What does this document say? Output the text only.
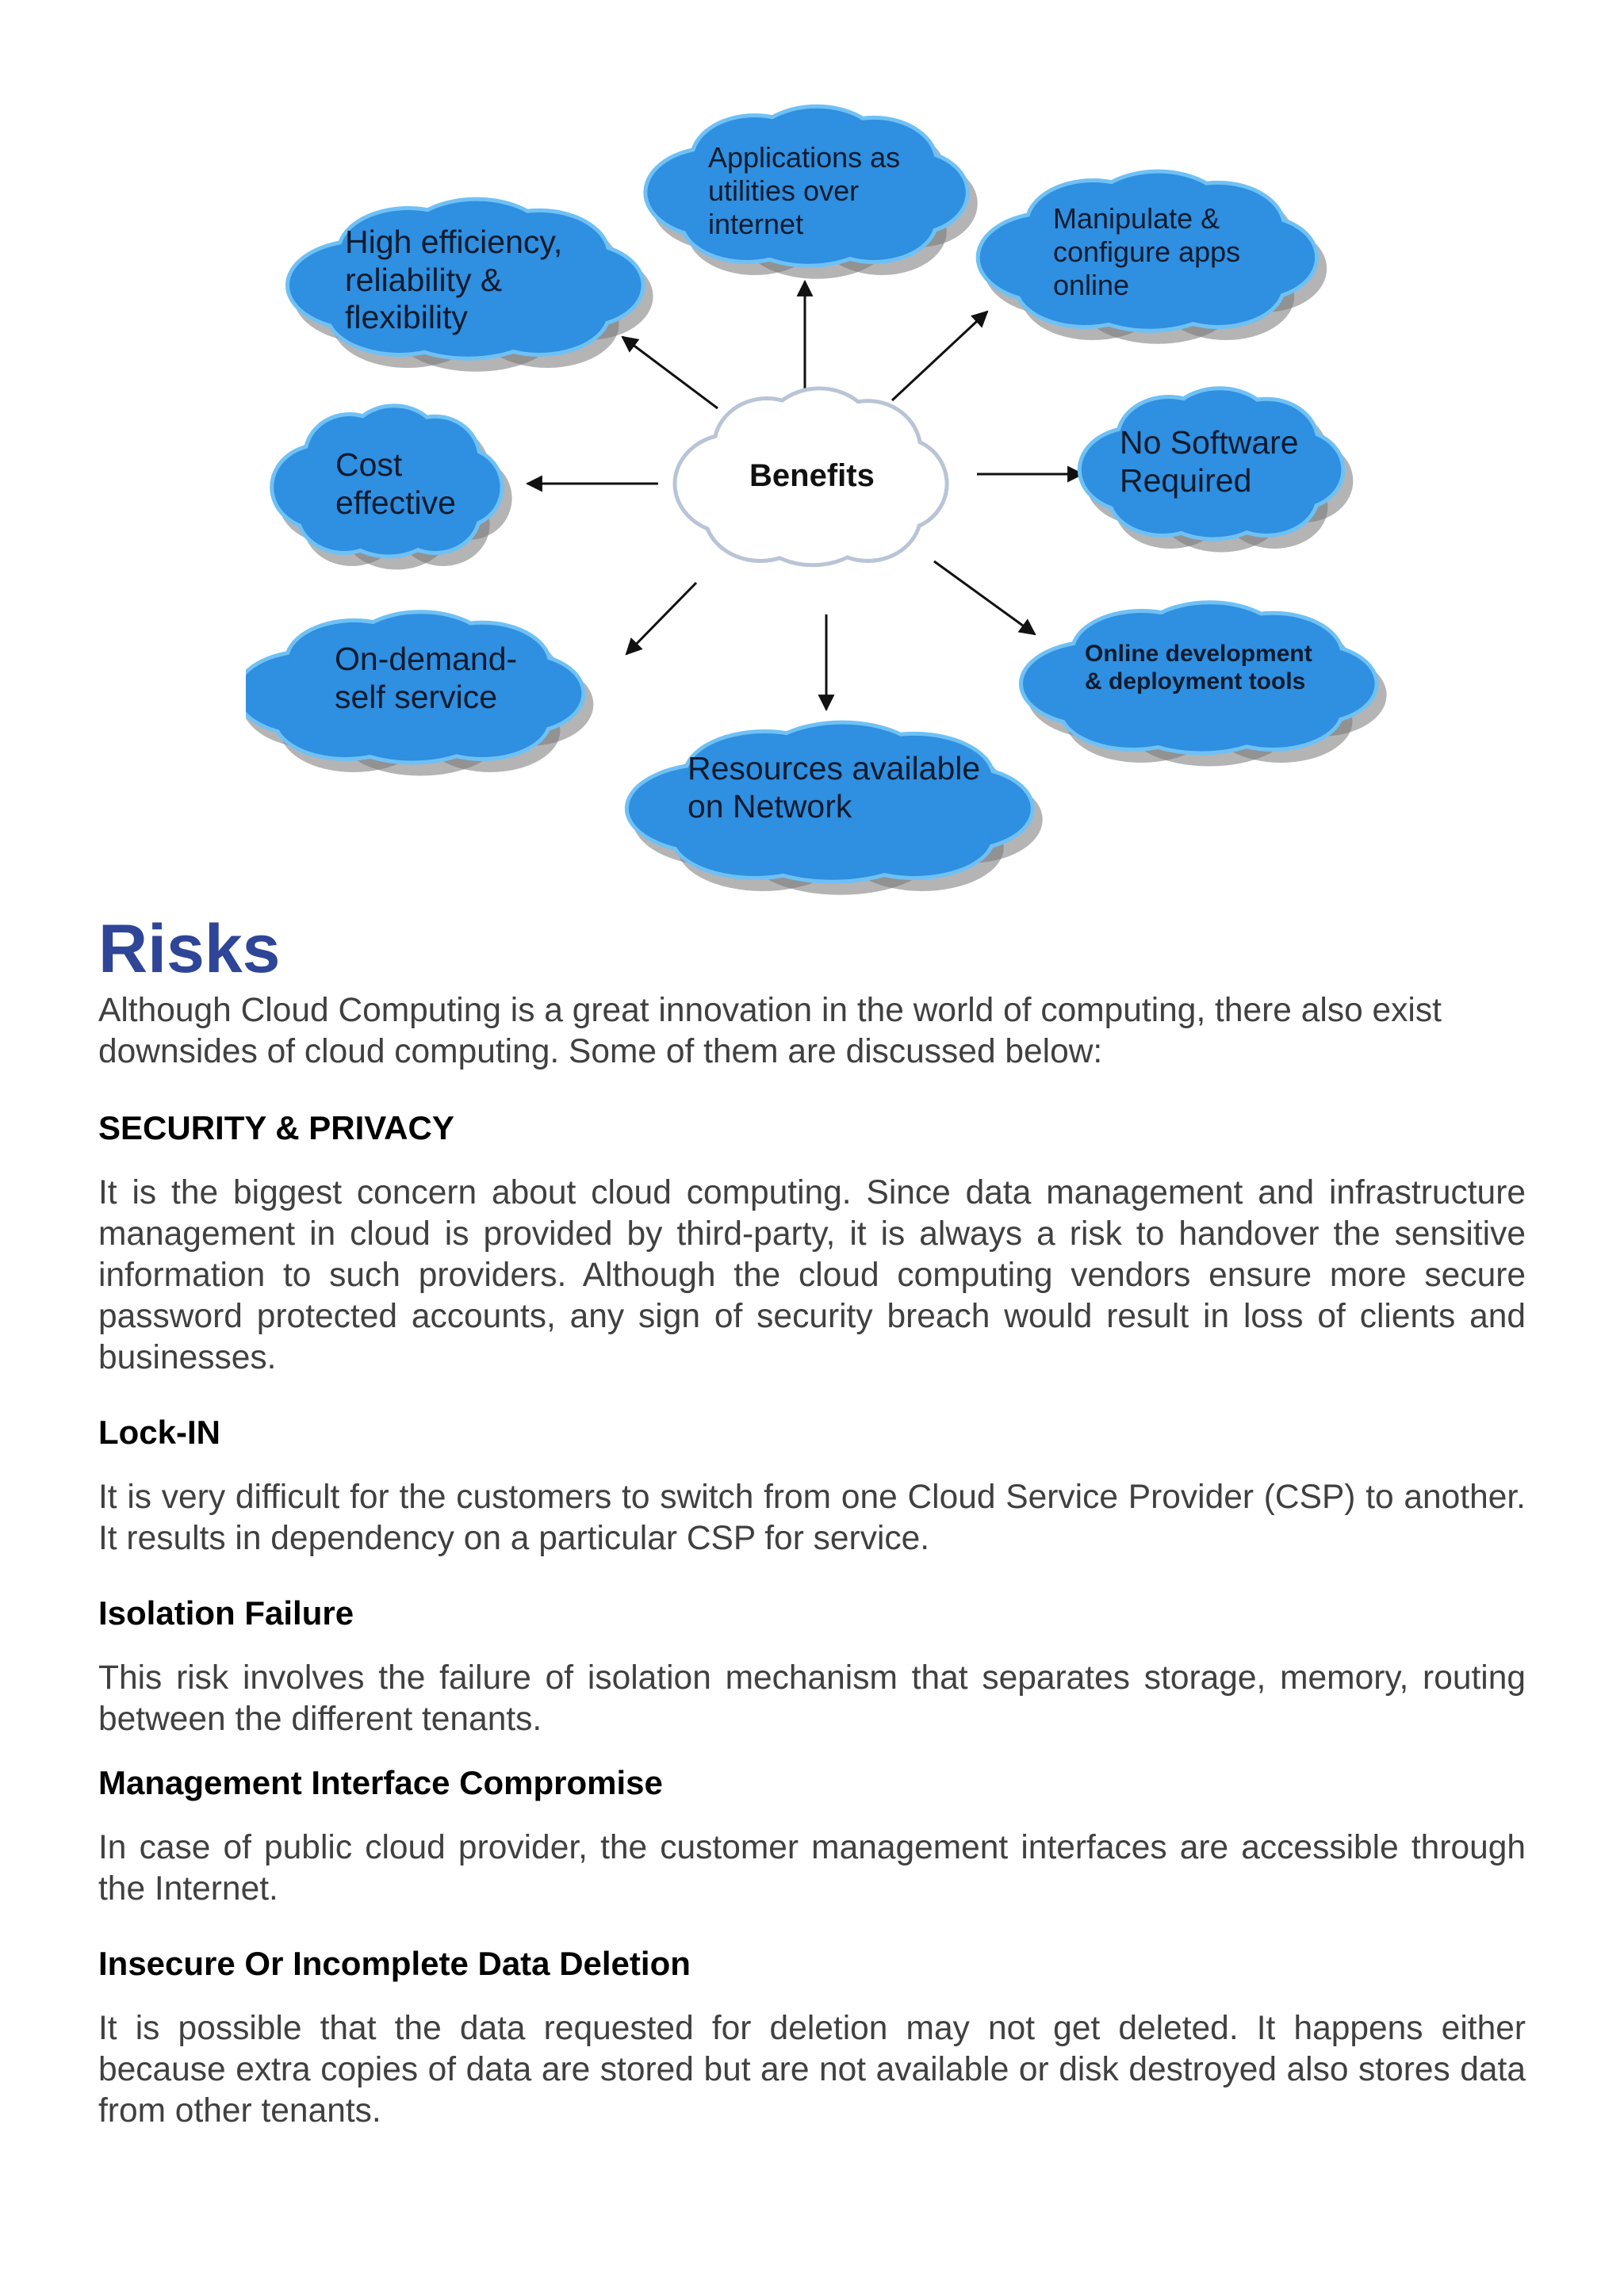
Applications as
utilities over
internet
High efficiency,
reliability &
flexibility
Manipulate &
configure apps
online
Cost
effective
No Software
Required
On-demand-
self service
Online development
& deployment tools
Resources available
on Network
Benefits
Risks

Although Cloud Computing is a great innovation in the world of computing, there also exist downsides of cloud computing. Some of them are discussed below:

SECURITY & PRIVACY

It is the biggest concern about cloud computing. Since data management and infrastructure management in cloud is provided by third-party, it is always a risk to handover the sensitive information to such providers. Although the cloud computing vendors ensure more secure password protected accounts, any sign of security breach would result in loss of clients and businesses.

Lock-IN

It is very difficult for the customers to switch from one Cloud Service Provider (CSP) to another. It results in dependency on a particular CSP for service.

Isolation Failure

This risk involves the failure of isolation mechanism that separates storage, memory, routing between the different tenants.

Management Interface Compromise

In case of public cloud provider, the customer management interfaces are accessible through the Internet.

Insecure Or Incomplete Data Deletion

It is possible that the data requested for deletion may not get deleted. It happens either because extra copies of data are stored but are not available or disk destroyed also stores data from other tenants.
